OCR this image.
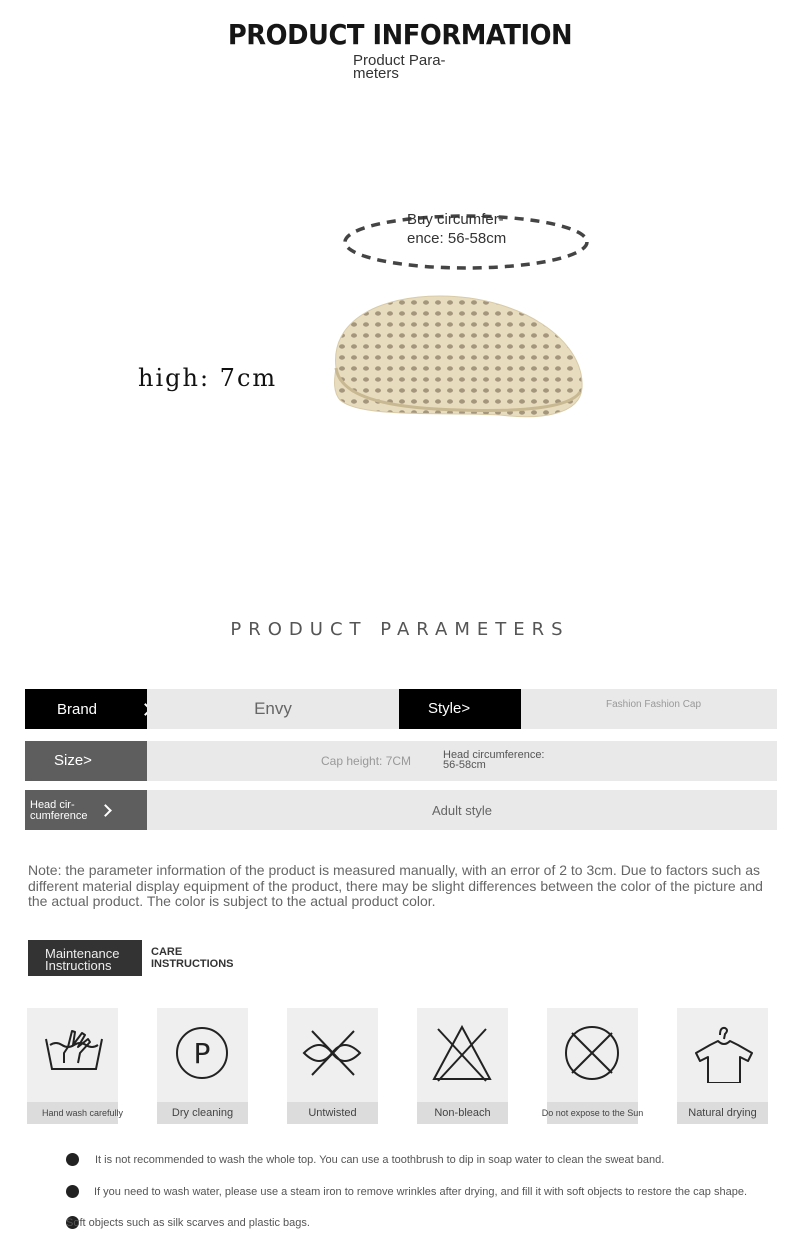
PRODUCT INFORMATION
Product Para- meters
Buy circumfer- ence: 56-58cm
high: 7cm
PRODUCT PARAMETERS
Brand	Envy	Style>	Fashion Fashion Cap
Size>	Cap height: 7CM	Head circumference: 56-58cm
Head cir- cumference	Adult style
Note: the parameter information of the product is measured manually, with an error of 2 to 3cm. Due to factors such as different material display equipment of the product, there may be slight differences between the color of the picture and the actual product. The color is subject to the actual product color.
Maintenance Instructions
CARE INSTRUCTIONS
Hand wash carefully
P
Dry cleaning	Untwisted	Non-bleach	Do not expose to the Sun	Natural drying
It is not recommended to wash the whole top. You can use a toothbrush to dip in soap water to clean the sweat band.
If you need to wash water, please use a steam iron to remove wrinkles after drying, and fill it with soft objects to restore the cap shape.
Soft objects such as silk scarves and plastic bags.
